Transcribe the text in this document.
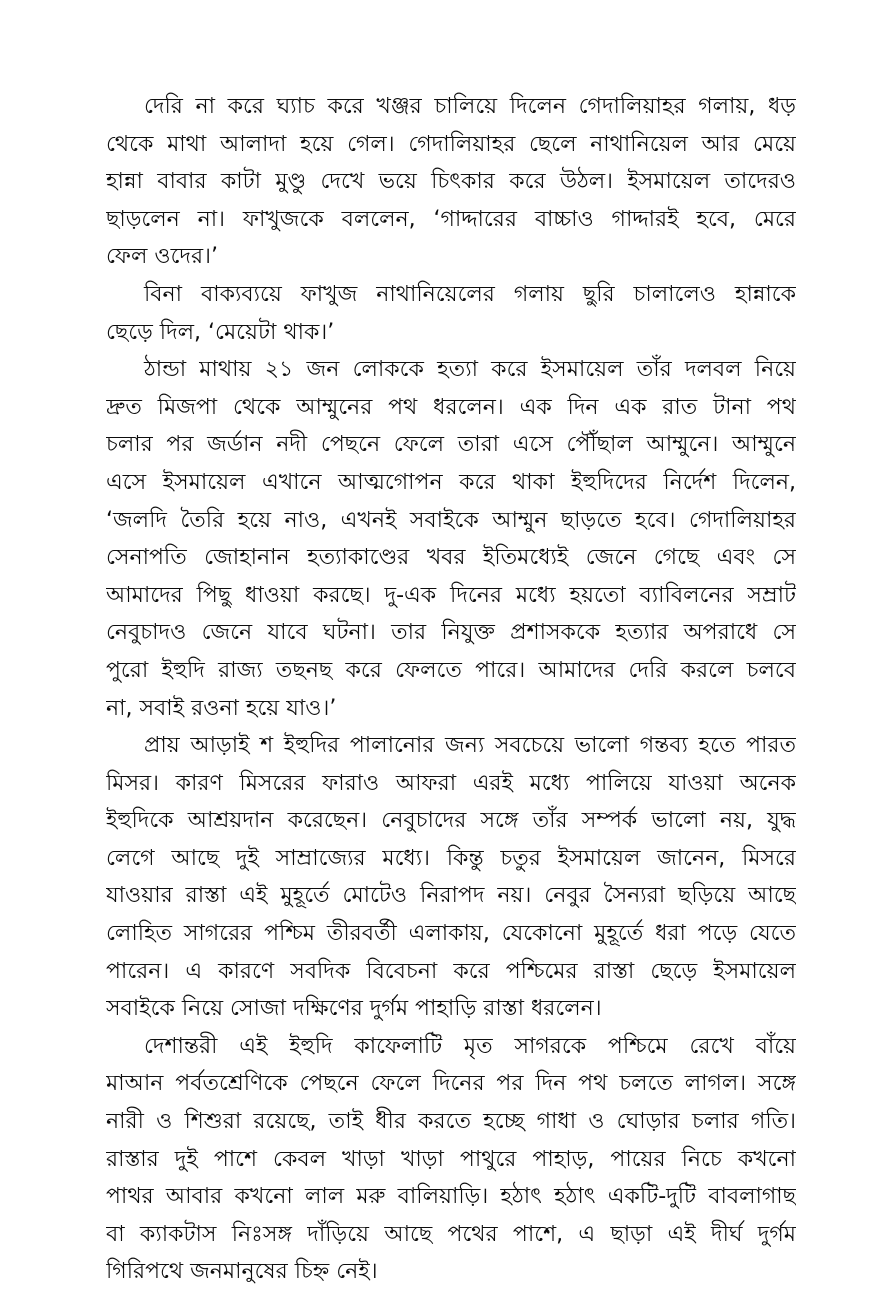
দেরি না করে ঘ্যাচ করে খঞ্জর চালিয়ে দিলেন গেদালিয়াহর গলায়, ধড়
থেকে মাথা আলাদা হয়ে গেল। গেদালিয়াহর ছেলে নাথানিয়েল আর মেয়ে
হান্না বাবার কাটা মুণ্ডু দেখে ভয়ে চিৎকার করে উঠল। ইসমায়েল তাদেরও
ছাড়লেন না। ফাখুজকে বললেন, ‘গাদ্দারের বাচ্চাও গাদ্দারই হবে, মেরে
ফেল ওদের।’
বিনা বাক্যব্যয়ে ফাখুজ নাথানিয়েলের গলায় ছুরি চালালেও হান্নাকে
ছেড়ে দিল, ‘মেয়েটা থাক।’
ঠান্ডা মাথায় ২১ জন লোককে হত্যা করে ইসমায়েল তাঁর দলবল নিয়ে
দ্রুত মিজপা থেকে আম্মুনের পথ ধরলেন। এক দিন এক রাত টানা পথ
চলার পর জর্ডান নদী পেছনে ফেলে তারা এসে পৌঁছাল আম্মুনে। আম্মুনে
এসে ইসমায়েল এখানে আত্মগোপন করে থাকা ইহুদিদের নির্দেশ দিলেন,
‘জলদি তৈরি হয়ে নাও, এখনই সবাইকে আম্মুন ছাড়তে হবে। গেদালিয়াহর
সেনাপতি জোহানান হত্যাকাণ্ডের খবর ইতিমধ্যেই জেনে গেছে এবং সে
আমাদের পিছু ধাওয়া করছে। দু-এক দিনের মধ্যে হয়তো ব্যাবিলনের সম্রাট
নেবুচাদও জেনে যাবে ঘটনা। তার নিযুক্ত প্রশাসককে হত্যার অপরাধে সে
পুরো ইহুদি রাজ্য তছনছ করে ফেলতে পারে। আমাদের দেরি করলে চলবে
না, সবাই রওনা হয়ে যাও।’
প্রায় আড়াই শ ইহুদির পালানোর জন্য সবচেয়ে ভালো গন্তব্য হতে পারত
মিসর। কারণ মিসরের ফারাও আফরা এরই মধ্যে পালিয়ে যাওয়া অনেক
ইহুদিকে আশ্রয়দান করেছেন। নেবুচাদের সঙ্গে তাঁর সম্পর্ক ভালো নয়, যুদ্ধ
লেগে আছে দুই সাম্রাজ্যের মধ্যে। কিন্তু চতুর ইসমায়েল জানেন, মিসরে
যাওয়ার রাস্তা এই মুহূর্তে মোটেও নিরাপদ নয়। নেবুর সৈন্যরা ছড়িয়ে আছে
লোহিত সাগরের পশ্চিম তীরবর্তী এলাকায়, যেকোনো মুহূর্তে ধরা পড়ে যেতে
পারেন। এ কারণে সবদিক বিবেচনা করে পশ্চিমের রাস্তা ছেড়ে ইসমায়েল
সবাইকে নিয়ে সোজা দক্ষিণের দুর্গম পাহাড়ি রাস্তা ধরলেন।
দেশান্তরী এই ইহুদি কাফেলাটি মৃত সাগরকে পশ্চিমে রেখে বাঁয়ে
মাআন পর্বতশ্রেণিকে পেছনে ফেলে দিনের পর দিন পথ চলতে লাগল। সঙ্গে
নারী ও শিশুরা রয়েছে, তাই ধীর করতে হচ্ছে গাধা ও ঘোড়ার চলার গতি।
রাস্তার দুই পাশে কেবল খাড়া খাড়া পাথুরে পাহাড়, পায়ের নিচে কখনো
পাথর আবার কখনো লাল মরু বালিয়াড়ি। হঠাৎ হঠাৎ একটি-দুটি বাবলাগাছ
বা ক্যাকটাস নিঃসঙ্গ দাঁড়িয়ে আছে পথের পাশে, এ ছাড়া এই দীর্ঘ দুর্গম
গিরিপথে জনমানুষের চিহ্ন নেই।
